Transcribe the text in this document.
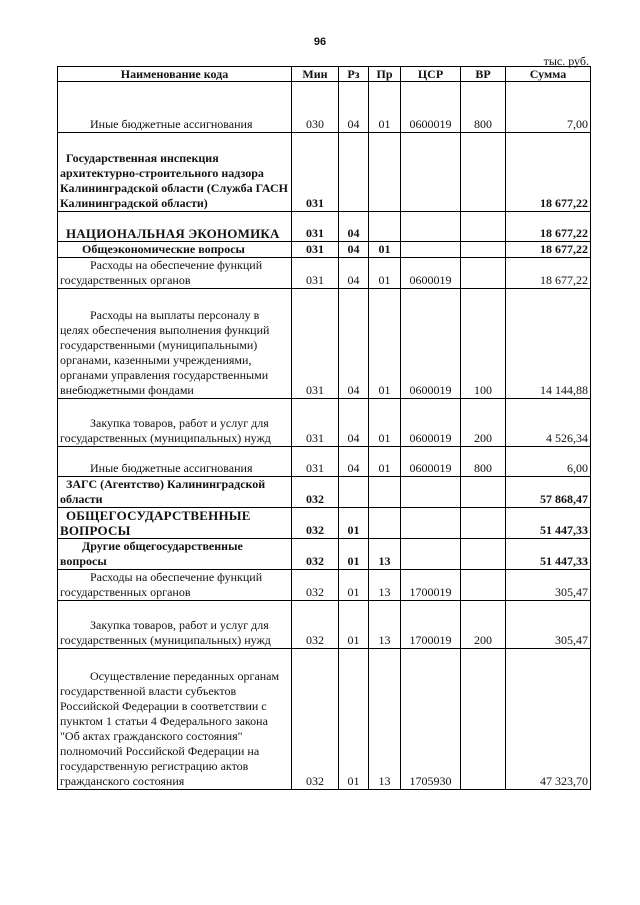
96
тыс. руб.
Наименование кода	Мин	Рз	Пр	ЦСР	ВР	Сумма
Иные бюджетные ассигнования	030	04	01	0600019	800	7,00
Государственная инспекция архитектурно-строительного надзора Калининградской области (Служба ГАСН Калининградской области)	031					18 677,22
НАЦИОНАЛЬНАЯ ЭКОНОМИКА	031	04				18 677,22
Общеэкономические вопросы	031	04	01			18 677,22
Расходы на обеспечение функций государственных органов	031	04	01	0600019		18 677,22
Расходы на выплаты персоналу в целях обеспечения выполнения функций государственными (муниципальными) органами, казенными учреждениями, органами управления государственными внебюджетными фондами	031	04	01	0600019	100	14 144,88
Закупка товаров, работ и услуг для государственных (муниципальных) нужд	031	04	01	0600019	200	4 526,34
Иные бюджетные ассигнования	031	04	01	0600019	800	6,00
ЗАГС (Агентство) Калининградской области	032					57 868,47
ОБЩЕГОСУДАРСТВЕННЫЕ ВОПРОСЫ	032	01				51 447,33
Другие общегосударственные вопросы	032	01	13			51 447,33
Расходы на обеспечение функций государственных органов	032	01	13	1700019		305,47
Закупка товаров, работ и услуг для государственных (муниципальных) нужд	032	01	13	1700019	200	305,47
Осуществление переданных органам государственной власти субъектов Российской Федерации в соответствии с пунктом 1 статьи 4 Федерального закона "Об актах гражданского состояния" полномочий Российской Федерации на государственную регистрацию актов гражданского состояния	032	01	13	1705930		47 323,70
